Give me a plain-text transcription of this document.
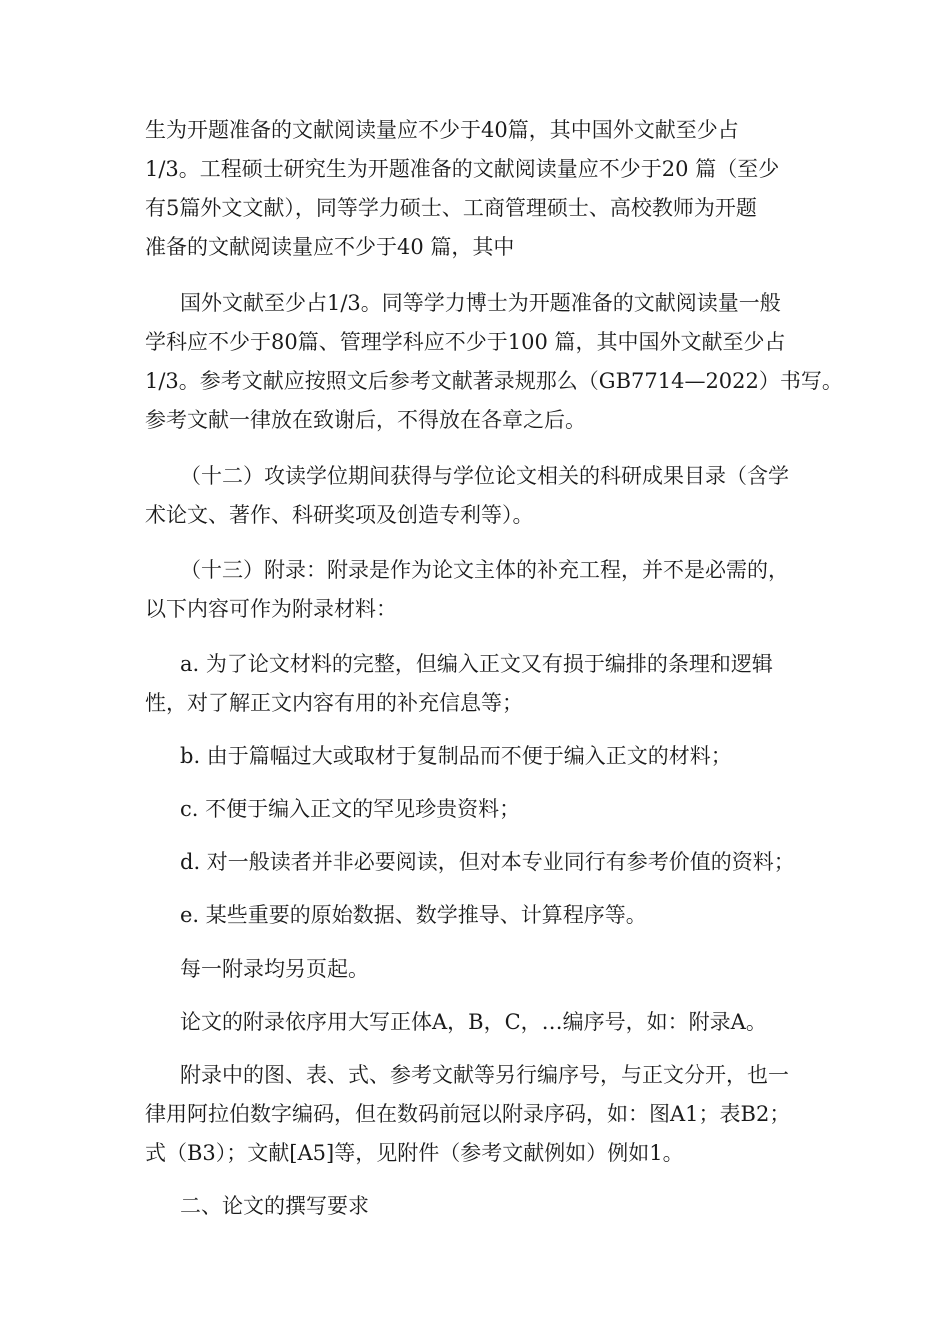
生为开题准备的文献阅读量应不少于40篇，其中国外文献至少占
1/3。工程硕士研究生为开题准备的文献阅读量应不少于20 篇（至少
有5篇外文文献），同等学力硕士、工商管理硕士、高校教师为开题
准备的文献阅读量应不少于40 篇，其中
国外文献至少占1/3。同等学力博士为开题准备的文献阅读量一般
学科应不少于80篇、管理学科应不少于100 篇，其中国外文献至少占
1/3。参考文献应按照文后参考文献著录规那么（GB7714—2022）书写。
参考文献一律放在致谢后，不得放在各章之后。
（十二）攻读学位期间获得与学位论文相关的科研成果目录（含学
术论文、著作、科研奖项及创造专利等）。
（十三）附录：附录是作为论文主体的补充工程，并不是必需的，
以下内容可作为附录材料：
a. 为了论文材料的完整，但编入正文又有损于编排的条理和逻辑
性，对了解正文内容有用的补充信息等；
b. 由于篇幅过大或取材于复制品而不便于编入正文的材料；
c. 不便于编入正文的罕见珍贵资料；
d. 对一般读者并非必要阅读，但对本专业同行有参考价值的资料；
e. 某些重要的原始数据、数学推导、计算程序等。
每一附录均另页起。
论文的附录依序用大写正体A，B，C，…编序号，如：附录A。
附录中的图、表、式、参考文献等另行编序号，与正文分开，也一
律用阿拉伯数字编码，但在数码前冠以附录序码，如：图A1；表B2；
式（B3）；文献[A5]等，见附件（参考文献例如）例如1。
二、论文的撰写要求
